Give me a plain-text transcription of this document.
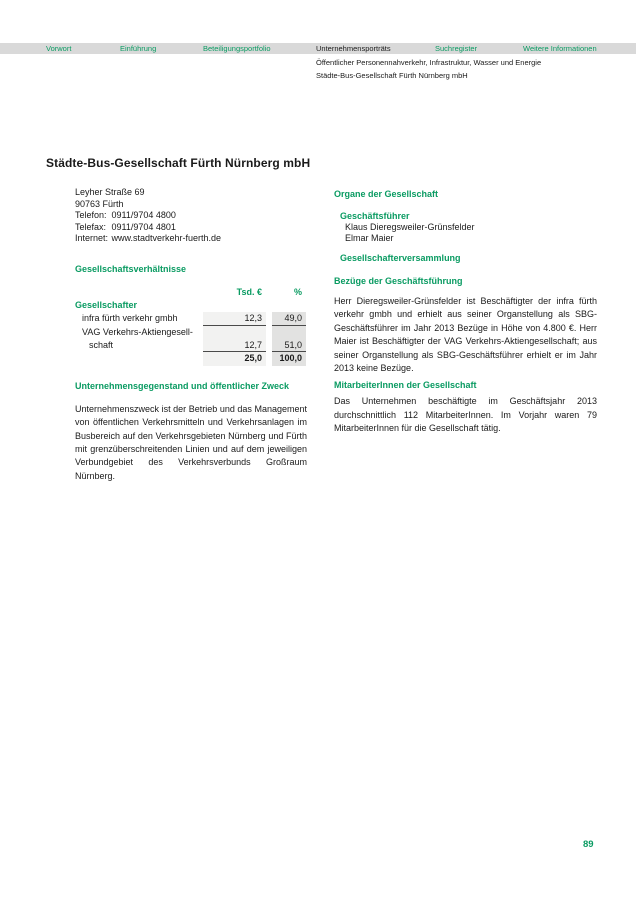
Vorwort	Einführung	Beteiligungsportfolio	Unternehmensporträts	Suchregister	Weitere Informationen
Öffentlicher Personennahverkehr, Infrastruktur, Wasser und Energie
Städte-Bus-Gesellschaft Fürth Nürnberg mbH
Städte-Bus-Gesellschaft Fürth Nürnberg mbH
Leyher Straße 69
90763 Fürth
Telefon: 0911/9704 4800
Telefax: 0911/9704 4801
Internet: www.stadtverkehr-fuerth.de
Gesellschaftsverhältnisse
Tsd. €	%
Gesellschafter
infra fürth verkehr gmbh	12,3	49,0
VAG Verkehrs-Aktiengesell-
schaft	12,7	51,0
25,0	100,0
Unternehmensgegenstand und öffentlicher Zweck

Unternehmenszweck ist der Betrieb und das Management von öffentlichen Verkehrsmitteln und Verkehrsanlagen im Busbereich auf den Verkehrsgebieten Nürnberg und Fürth mit grenzüberschreitenden Linien und auf dem jeweiligen Verbundgebiet des Verkehrsverbunds Großraum Nürnberg.

Organe der Gesellschaft
Geschäftsführer
Klaus Dieregsweiler-Grünsfelder
Elmar Maier
Gesellschafterversammlung
Bezüge der Geschäftsführung

Herr Dieregsweiler-Grünsfelder ist Beschäftigter der infra fürth verkehr gmbh und erhielt aus seiner Organstellung als SBG-Geschäftsführer im Jahr 2013 Bezüge in Höhe von 4.800 €. Herr Maier ist Beschäftigter der VAG Verkehrs-Aktiengesellschaft; aus seiner Organstellung als SBG-Geschäftsführer erhielt er im Jahr 2013 keine Bezüge.

MitarbeiterInnen der Gesellschaft

Das Unternehmen beschäftigte im Geschäftsjahr 2013 durchschnittlich 112 MitarbeiterInnen. Im Vorjahr waren 79 MitarbeiterInnen für die Gesellschaft tätig.

89
